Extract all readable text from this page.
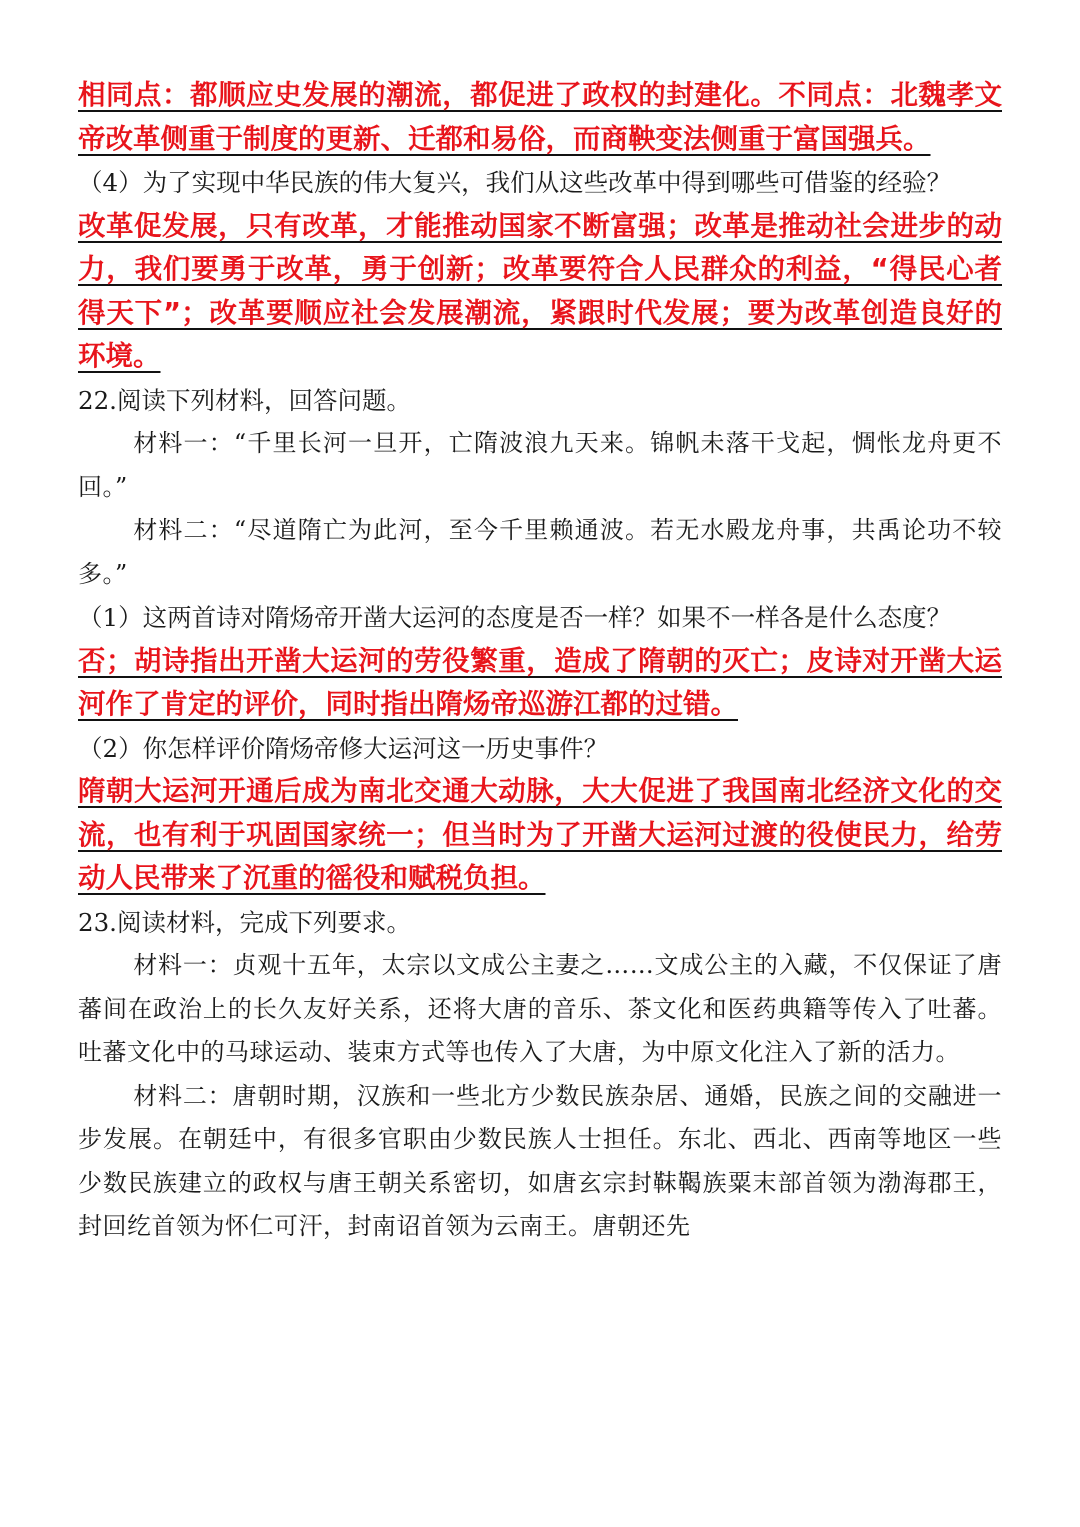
相同点：都顺应史发展的潮流，都促进了政权的封建化。不同点：北魏孝文帝改革侧重于制度的更新、迁都和易俗，而商鞅变法侧重于富国强兵。

（4）为了实现中华民族的伟大复兴，我们从这些改革中得到哪些可借鉴的经验？

改革促发展，只有改革，才能推动国家不断富强；改革是推动社会进步的动力，我们要勇于改革，勇于创新；改革要符合人民群众的利益，“得民心者得天下”；改革要顺应社会发展潮流，紧跟时代发展；要为改革创造良好的环境。

22.阅读下列材料，回答问题。

材料一：“千里长河一旦开，亡隋波浪九天来。锦帆未落干戈起，惆怅龙舟更不回。”

材料二：“尽道隋亡为此河，至今千里赖通波。若无水殿龙舟事，共禹论功不较多。”

（1）这两首诗对隋炀帝开凿大运河的态度是否一样？如果不一样各是什么态度？

否；胡诗指出开凿大运河的劳役繁重，造成了隋朝的灭亡；皮诗对开凿大运河作了肯定的评价，同时指出隋炀帝巡游江都的过错。

（2）你怎样评价隋炀帝修大运河这一历史事件？

隋朝大运河开通后成为南北交通大动脉，大大促进了我国南北经济文化的交流，也有利于巩固国家统一；但当时为了开凿大运河过渡的役使民力，给劳动人民带来了沉重的徭役和赋税负担。

23.阅读材料，完成下列要求。

材料一：贞观十五年，太宗以文成公主妻之……文成公主的入藏，不仅保证了唐蕃间在政治上的长久友好关系，还将大唐的音乐、茶文化和医药典籍等传入了吐蕃。吐蕃文化中的马球运动、装束方式等也传入了大唐，为中原文化注入了新的活力。

材料二：唐朝时期，汉族和一些北方少数民族杂居、通婚，民族之间的交融进一步发展。在朝廷中，有很多官职由少数民族人士担任。东北、西北、西南等地区一些少数民族建立的政权与唐王朝关系密切，如唐玄宗封靺鞨族粟末部首领为渤海郡王，封回纥首领为怀仁可汗，封南诏首领为云南王。唐朝还先
